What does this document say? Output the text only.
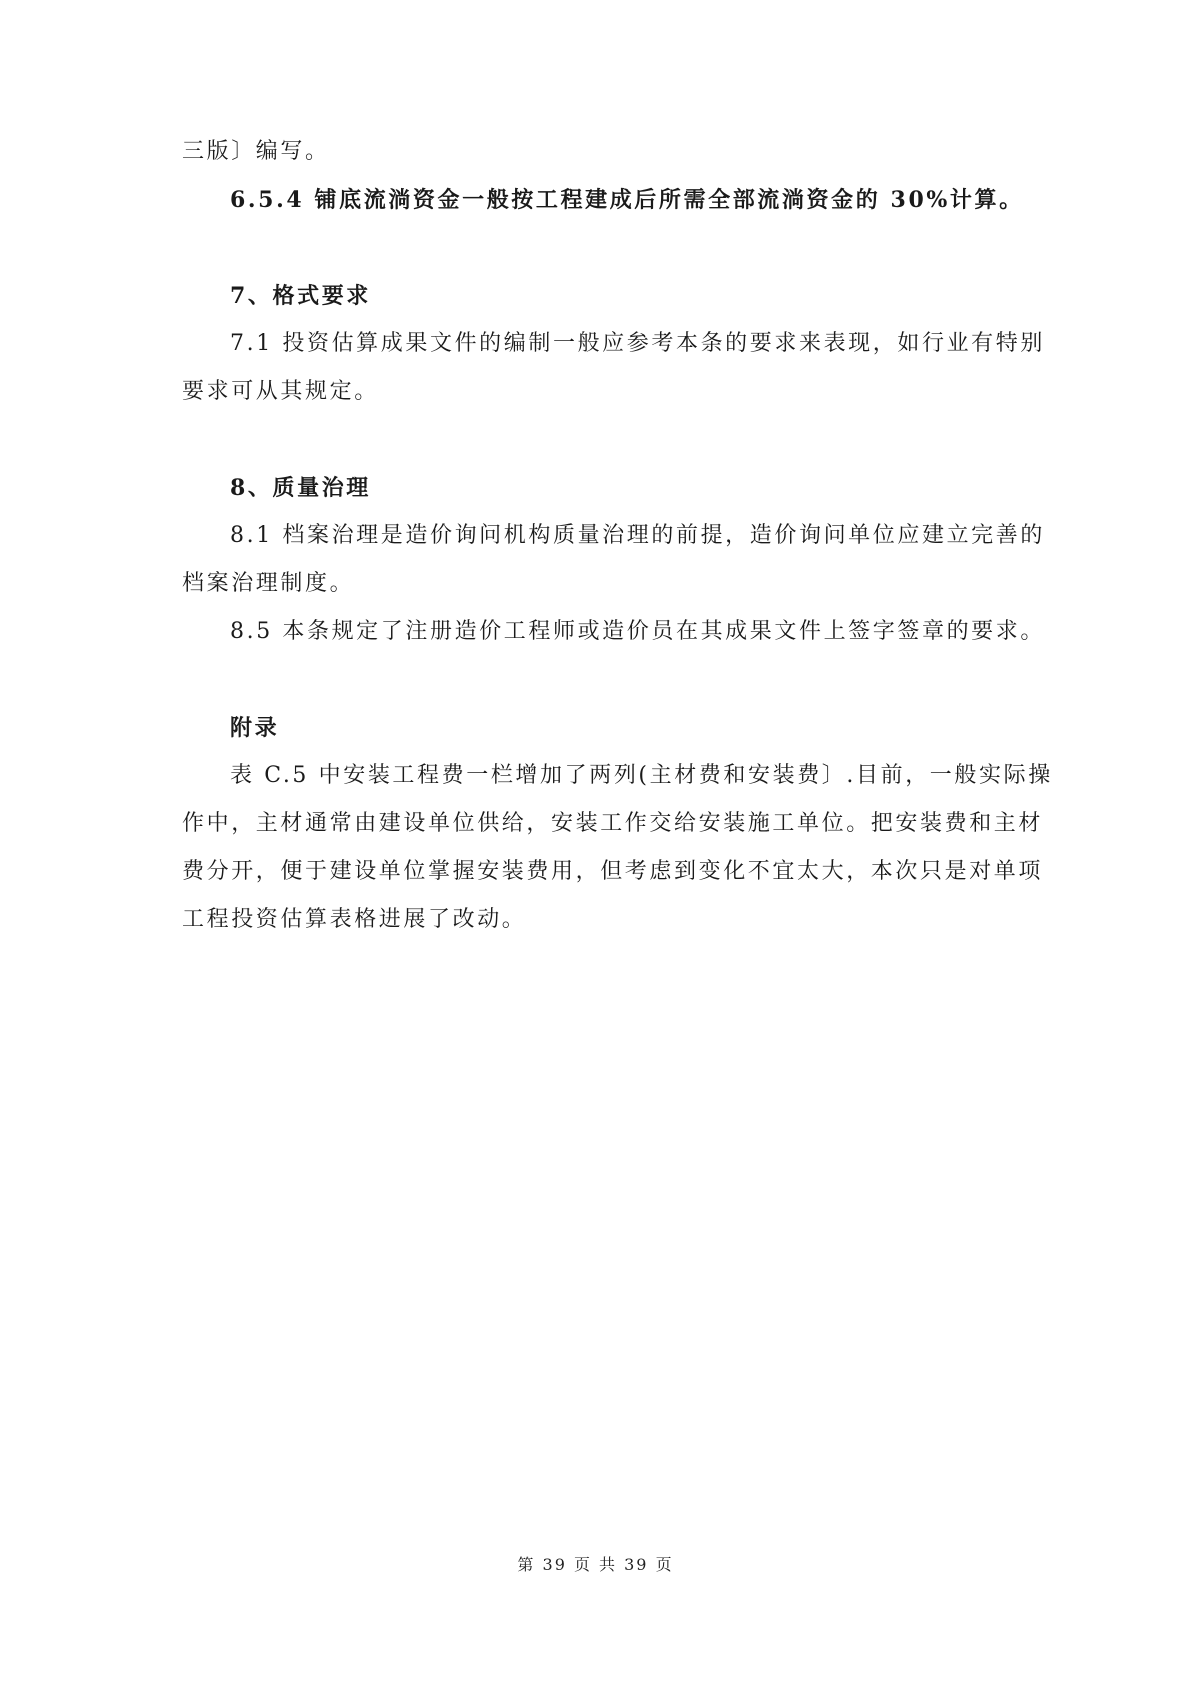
三版〕编写。

6.5.4 铺底流淌资金一般按工程建成后所需全部流淌资金的 30%计算。

7、格式要求

7.1 投资估算成果文件的编制一般应参考本条的要求来表现，如行业有特别

要求可从其规定。

8、质量治理

8.1 档案治理是造价询问机构质量治理的前提，造价询问单位应建立完善的

档案治理制度。

8.5 本条规定了注册造价工程师或造价员在其成果文件上签字签章的要求。

附录

表 C.5 中安装工程费一栏增加了两列(主材费和安装费〕.目前，一般实际操

作中，主材通常由建设单位供给，安装工作交给安装施工单位。把安装费和主材

费分开，便于建设单位掌握安装费用，但考虑到变化不宜太大，本次只是对单项

工程投资估算表格进展了改动。

第 39 页 共 39 页
